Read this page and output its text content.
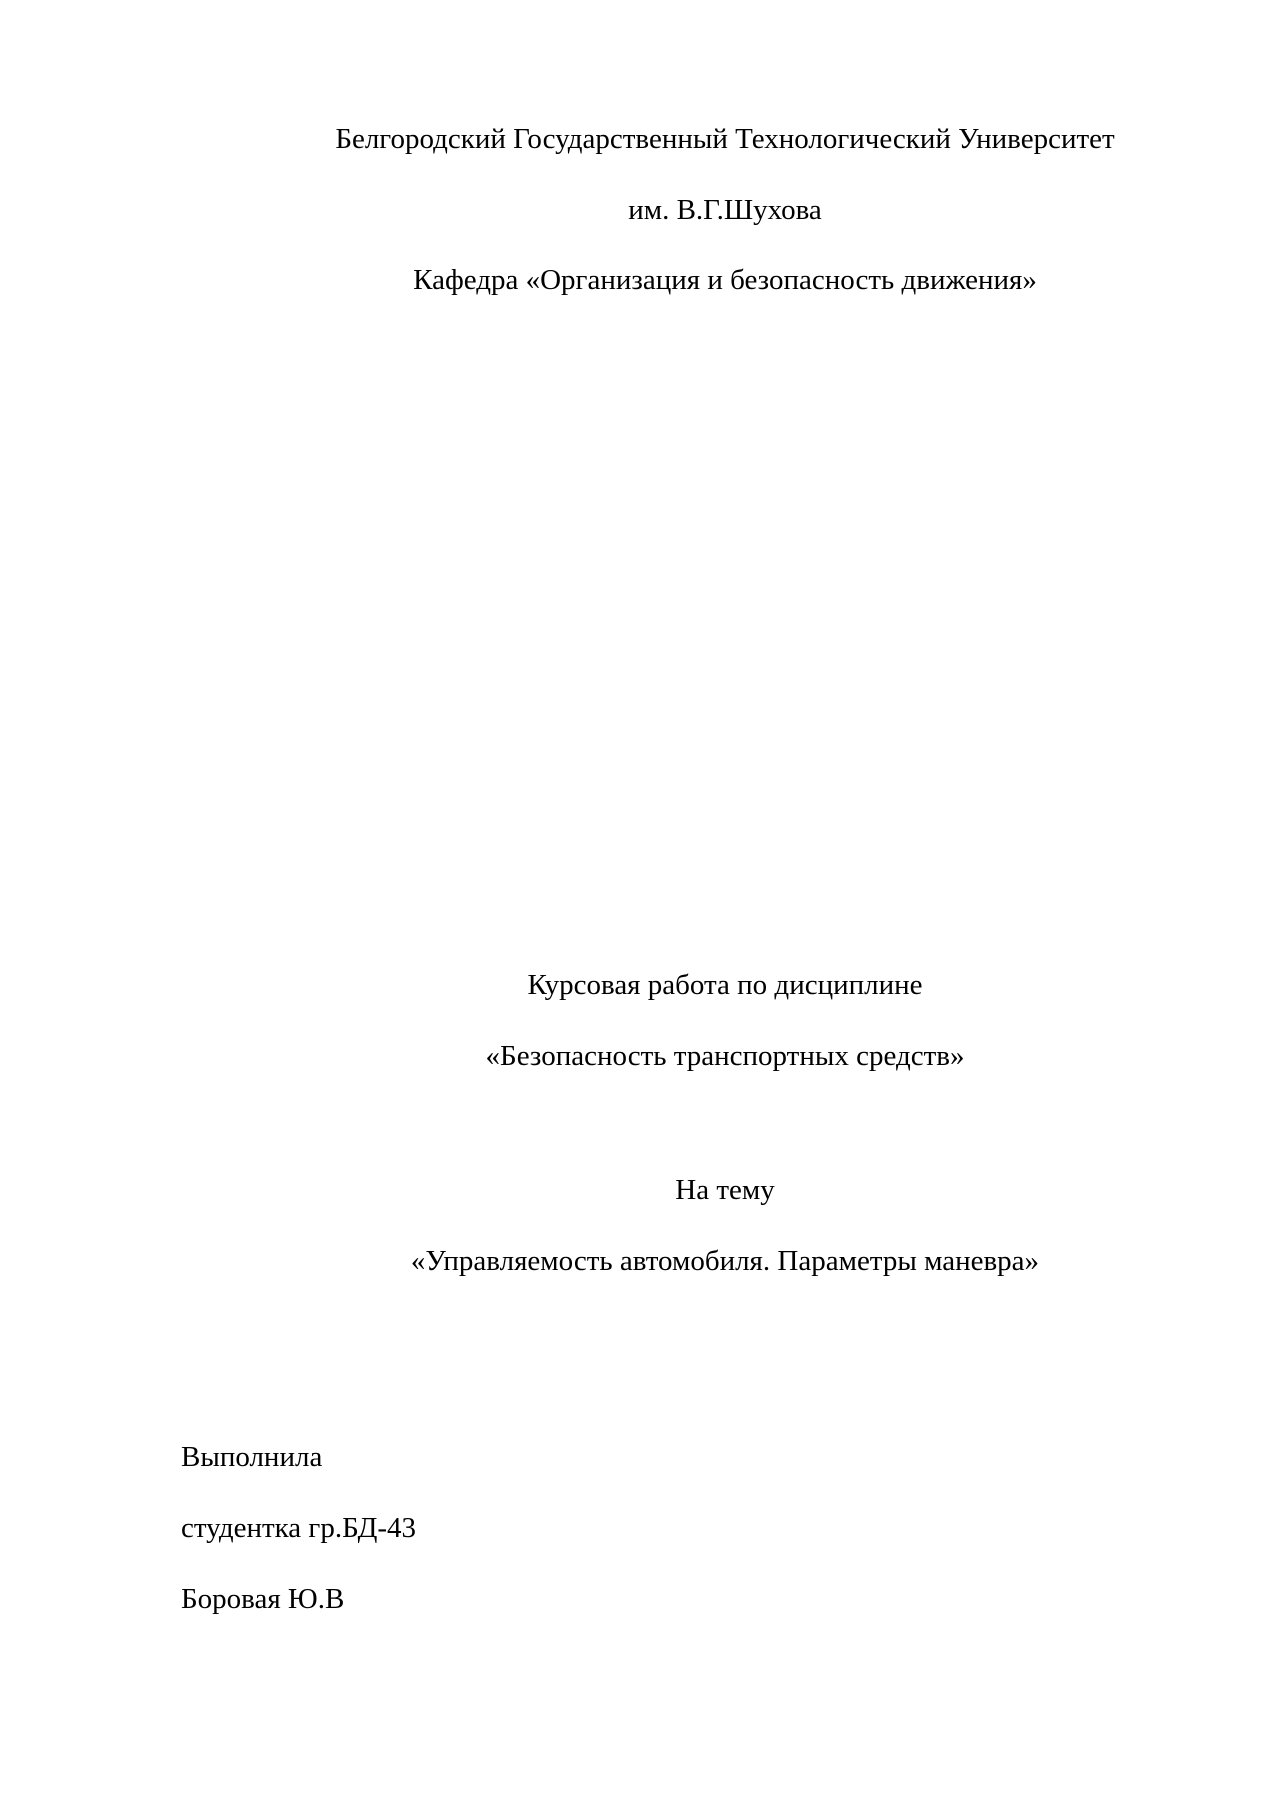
Белгородский Государственный Технологический Университет
им. В.Г.Шухова
Кафедра «Организация и безопасность движения»
Курсовая работа по дисциплине
«Безопасность транспортных средств»
На тему
«Управляемость автомобиля. Параметры маневра»
Выполнила
студентка гр.БД-43
Боровая Ю.В
